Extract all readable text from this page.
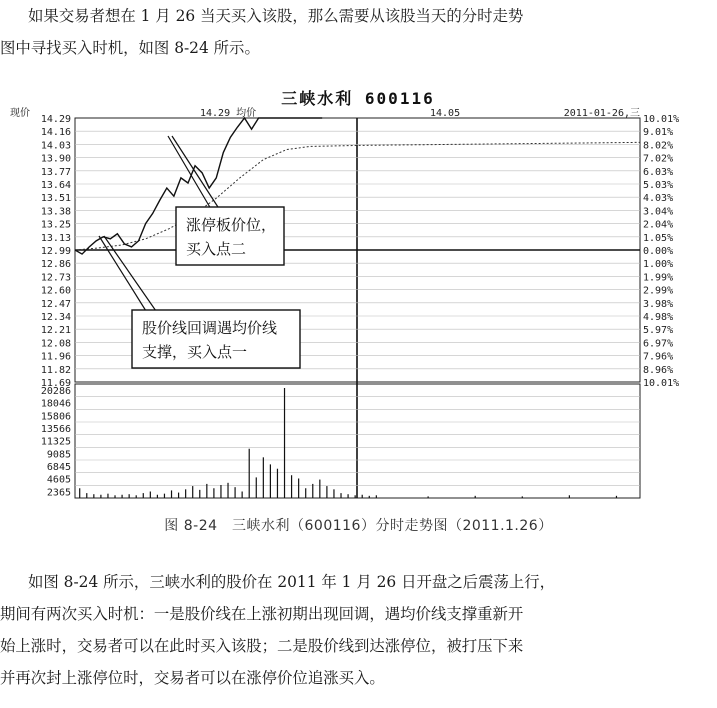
如果交易者想在 1 月 26 当天买入该股，那么需要从该股当天的分时走势

图中寻找买入时机，如图 8-24 所示。

三峡水利 600116
现价	14.29 均价	14.05	2011-01-26,三
14.29
14.16
14.03
13.90
13.77
13.64
13.51
13.38
13.25
13.13
12.99
12.86
12.73
12.60
12.47
12.34
12.21
12.08
11.96
11.82
11.69
10.01%
9.01%
8.02%
7.02%
6.03%
5.03%
4.03%
3.04%
2.04%
1.05%
0.00%
1.00%
1.99%
2.99%
3.98%
4.98%
5.97%
6.97%
7.96%
8.96%
10.01%
20286
18046
15806
13566
11325
9085
6845
4605
2365
涨停板价位，
买入点二
股价线回调遇均价线
支撑，买入点一
图 8-24　三峡水利（600116）分时走势图（2011.1.26）

如图 8-24 所示，三峡水利的股价在 2011 年 1 月 26 日开盘之后震荡上行，

期间有两次买入时机：一是股价线在上涨初期出现回调，遇均价线支撑重新开

始上涨时，交易者可以在此时买入该股；二是股价线到达涨停位，被打压下来

并再次封上涨停位时，交易者可以在涨停价位追涨买入。
